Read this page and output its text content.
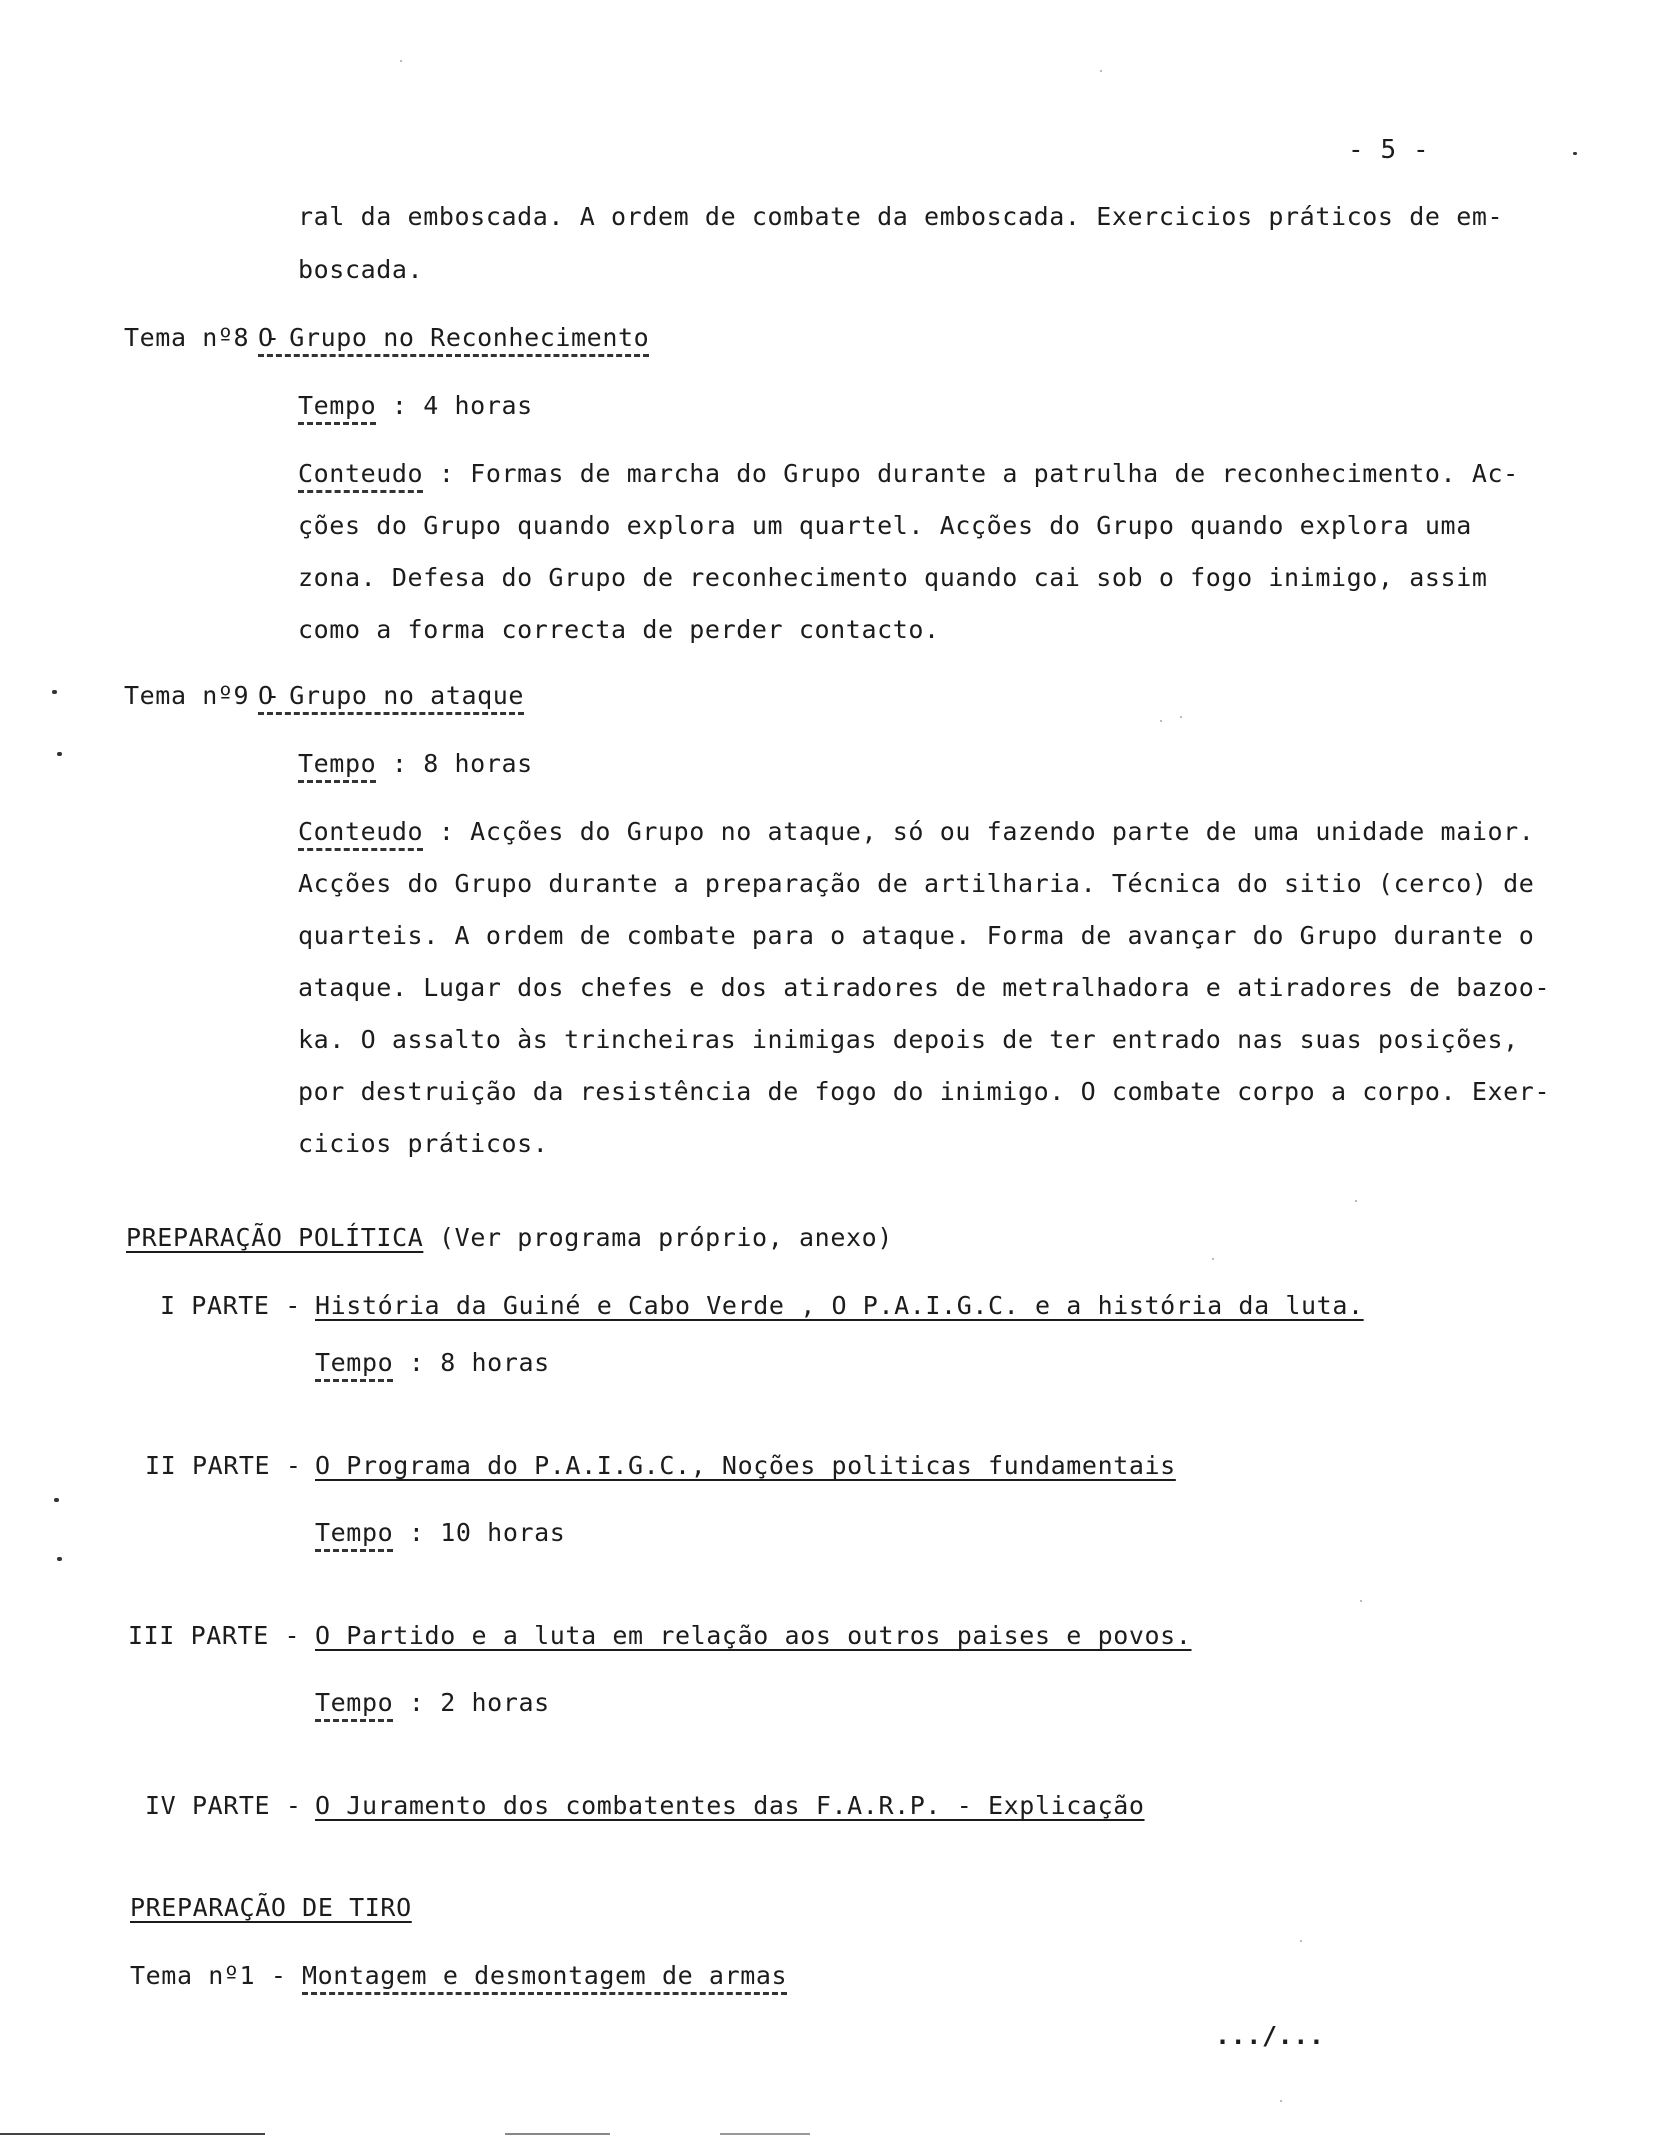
- 5 -
ral da emboscada. A ordem de combate da emboscada. Exercicios práticos de em-
boscada.
Tema nº8 -
O Grupo no Reconhecimento
Tempo : 4 horas
Conteudo : Formas de marcha do Grupo durante a patrulha de reconhecimento. Ac- ções do Grupo quando explora um quartel. Acções do Grupo quando explora uma zona. Defesa do Grupo de reconhecimento quando cai sob o fogo inimigo, assim como a forma correcta de perder contacto.
Tema nº9 -
O Grupo no ataque
Tempo : 8 horas
Conteudo : Acções do Grupo no ataque, só ou fazendo parte de uma unidade maior. Acções do Grupo durante a preparação de artilharia. Técnica do sitio (cerco) de quarteis. A ordem de combate para o ataque. Forma de avançar do Grupo durante o ataque. Lugar dos chefes e dos atiradores de metralhadora e atiradores de bazoo- ka. O assalto às trincheiras inimigas depois de ter entrado nas suas posições, por destruição da resistência de fogo do inimigo. O combate corpo a corpo. Exer- cicios práticos.
PREPARAÇÃO POLÍTICA (Ver programa próprio, anexo)
I PARTE - História da Guiné e Cabo Verde , O P.A.I.G.C. e a história da luta.
Tempo : 8 horas
II PARTE - O Programa do P.A.I.G.C., Noções politicas fundamentais
Tempo : 10 horas
III PARTE - O Partido e a luta em relação aos outros paises e povos.
Tempo : 2 horas
IV PARTE - O Juramento dos combatentes das F.A.R.P. - Explicação
PREPARAÇÃO DE TIRO
Tema nº1 - Montagem e desmontagem de armas
.../...
